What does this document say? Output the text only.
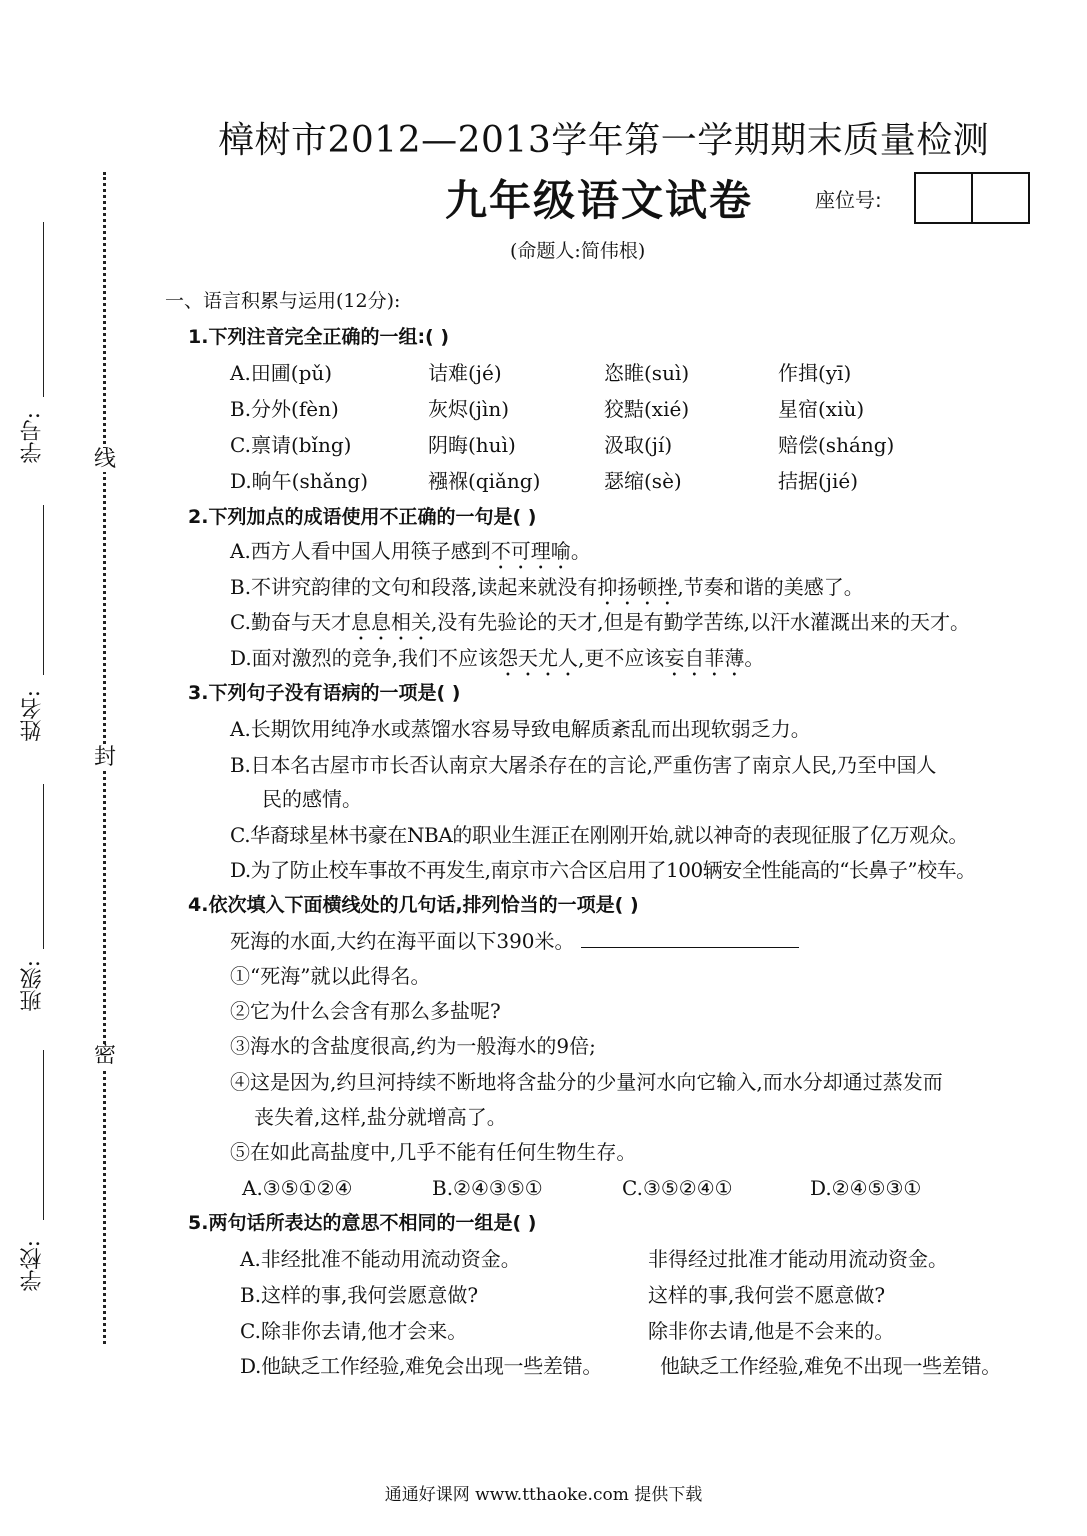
线
封
密
学号:
姓名:
班级:
学校:
樟树市2012—2013学年第一学期期末质量检测
九年级语文试卷	座位号:
(命题人:简伟根)
一、语言积累与运用(12分):
1.下列注音完全正确的一组:( )
A.田圃(pǔ)	诘难(jé)	恣睢(suì)	作揖(yī)
B.分外(fèn)	灰烬(jìn)	狡黠(xié)	星宿(xiù)
C.禀请(bǐng)	阴晦(huì)	汲取(jí)	赔偿(sháng)
D.晌午(shǎng)	襁褓(qiǎng)	瑟缩(sè)	拮据(jié)
2.下列加点的成语使用不正确的一句是( )
A.西方人看中国人用筷子感到不可理喻。
B.不讲究韵律的文句和段落,读起来就没有抑扬顿挫,节奏和谐的美感了。
C.勤奋与天才息息相关,没有先验论的天才,但是有勤学苦练,以汗水灌溉出来的天才。
D.面对激烈的竞争,我们不应该怨天尤人,更不应该妄自菲薄。
3.下列句子没有语病的一项是( )
A.长期饮用纯净水或蒸馏水容易导致电解质紊乱而出现软弱乏力。
B.日本名古屋市市长否认南京大屠杀存在的言论,严重伤害了南京人民,乃至中国人
民的感情。
C.华裔球星林书豪在NBA的职业生涯正在刚刚开始,就以神奇的表现征服了亿万观众。
D.为了防止校车事故不再发生,南京市六合区启用了100辆安全性能高的“长鼻子”校车。
4.依次填入下面横线处的几句话,排列恰当的一项是( )
死海的水面,大约在海平面以下390米。
①“死海”就以此得名。
②它为什么会含有那么多盐呢?
③海水的含盐度很高,约为一般海水的9倍;
④这是因为,约旦河持续不断地将含盐分的少量河水向它输入,而水分却通过蒸发而
丧失着,这样,盐分就增高了。
⑤在如此高盐度中,几乎不能有任何生物生存。
A.③⑤①②④	B.②④③⑤①	C.③⑤②④①	D.②④⑤③①
5.两句话所表达的意思不相同的一组是( )
A.非经批准不能动用流动资金。	非得经过批准才能动用流动资金。
B.这样的事,我何尝愿意做?	这样的事,我何尝不愿意做?
C.除非你去请,他才会来。	除非你去请,他是不会来的。
D.他缺乏工作经验,难免会出现一些差错。	他缺乏工作经验,难免不出现一些差错。
通通好课网 www.tthaoke.com 提供下载
